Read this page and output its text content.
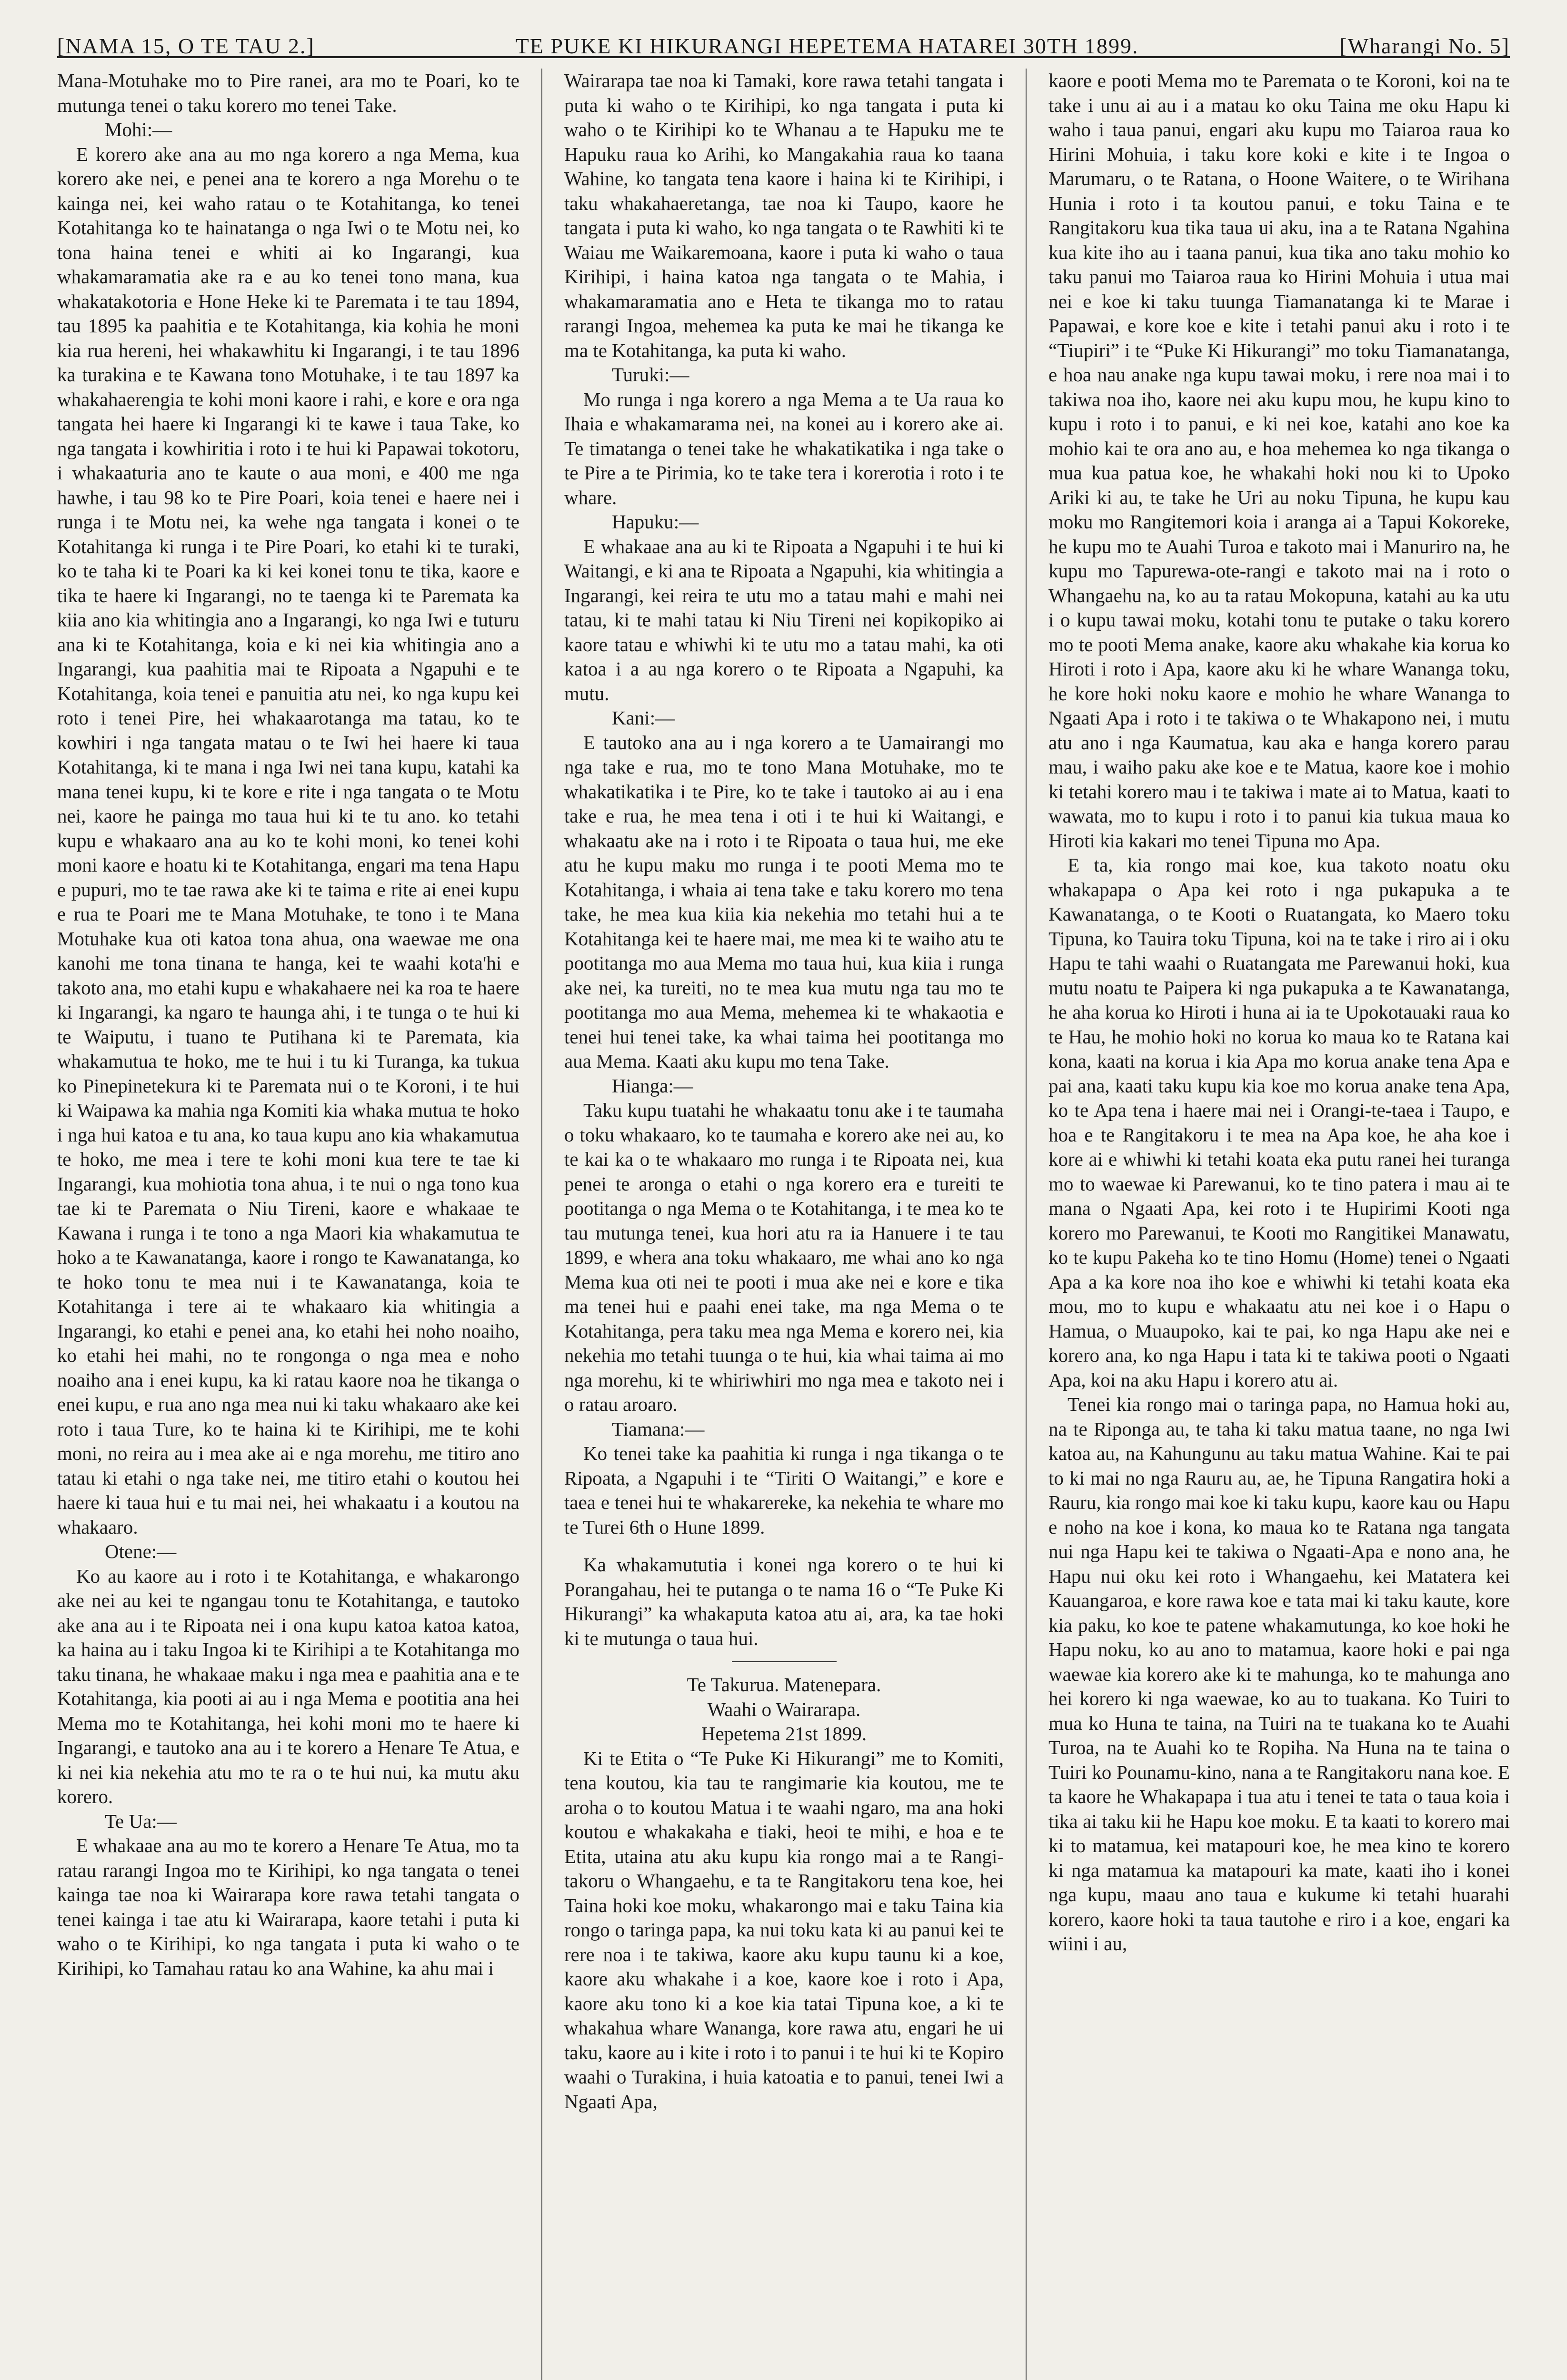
[NAMA 15, O TE TAU 2.]	TE PUKE KI HIKURANGI HEPETEMA HATAREI 30TH 1899.	[Wharangi No. 5]

Mana-Motuhake mo to Pire ranei, ara mo te Poari, ko te mutunga tenei o taku korero mo tenei Take.

Mohi:—

E korero ake ana au mo nga korero a nga Mema, kua korero ake nei, e penei ana te korero a nga Morehu o te kainga nei, kei waho ratau o te Kotahitanga, ko tenei Kotahitanga ko te hainatanga o nga Iwi o te Motu nei, ko tona haina tenei e whiti ai ko Ingarangi, kua whakamaramatia ake ra e au ko tenei tono mana, kua whakatakotoria e Hone Heke ki te Paremata i te tau 1894, tau 1895 ka paahitia e te Kotahitanga, kia kohia he moni kia rua hereni, hei whakawhitu ki Ingarangi, i te tau 1896 ka turakina e te Kawana tono Motuhake, i te tau 1897 ka whakahaerengia te kohi moni kaore i rahi, e kore e ora nga tangata hei haere ki Ingarangi ki te kawe i taua Take, ko nga tangata i kowhiritia i roto i te hui ki Papawai tokotoru, i whakaaturia ano te kaute o aua moni, e 400 me nga hawhe, i tau 98 ko te Pire Poari, koia tenei e haere nei i runga i te Motu nei, ka wehe nga tangata i konei o te Kotahitanga ki runga i te Pire Poari, ko etahi ki te turaki, ko te taha ki te Poari ka ki kei konei tonu te tika, kaore e tika te haere ki Ingarangi, no te taenga ki te Paremata ka kiia ano kia whitingia ano a Ingarangi, ko nga Iwi e tuturu ana ki te Kotahitanga, koia e ki nei kia whitingia ano a Ingarangi, kua paahitia mai te Ripoata a Ngapuhi e te Kotahitanga, koia tenei e panuitia atu nei, ko nga kupu kei roto i tenei Pire, hei whakaarotanga ma tatau, ko te kowhiri i nga tangata matau o te Iwi hei haere ki taua Kotahitanga, ki te mana i nga Iwi nei tana kupu, katahi ka mana tenei kupu, ki te kore e rite i nga tangata o te Motu nei, kaore he painga mo taua hui ki te tu ano. ko tetahi kupu e whakaaro ana au ko te kohi moni, ko tenei kohi moni kaore e hoatu ki te Kotahitanga, engari ma tena Hapu e pupuri, mo te tae rawa ake ki te taima e rite ai enei kupu e rua te Poari me te Mana Motuhake, te tono i te Mana Motuhake kua oti katoa tona ahua, ona waewae me ona kanohi me tona tinana te hanga, kei te waahi kota'hi e takoto ana, mo etahi kupu e whakahaere nei ka roa te haere ki Ingarangi, ka ngaro te haunga ahi, i te tunga o te hui ki te Waiputu, i tuano te Putihana ki te Paremata, kia whakamutua te hoko, me te hui i tu ki Turanga, ka tukua ko Pinepinetekura ki te Paremata nui o te Koroni, i te hui ki Waipawa ka mahia nga Komiti kia whaka mutua te hoko i nga hui katoa e tu ana, ko taua kupu ano kia whakamutua te hoko, me mea i tere te kohi moni kua tere te tae ki Ingarangi, kua mohiotia tona ahua, i te nui o nga tono kua tae ki te Paremata o Niu Tireni, kaore e whakaae te Kawana i runga i te tono a nga Maori kia whakamutua te hoko a te Kawanatanga, kaore i rongo te Kawanatanga, ko te hoko tonu te mea nui i te Kawanatanga, koia te Kotahitanga i tere ai te whakaaro kia whitingia a Ingarangi, ko etahi e penei ana, ko etahi hei noho noaiho, ko etahi hei mahi, no te rongonga o nga mea e noho noaiho ana i enei kupu, ka ki ratau kaore noa he tikanga o enei kupu, e rua ano nga mea nui ki taku whakaaro ake kei roto i taua Ture, ko te haina ki te Kirihipi, me te kohi moni, no reira au i mea ake ai e nga morehu, me titiro ano tatau ki etahi o nga take nei, me titiro etahi o koutou hei haere ki taua hui e tu mai nei, hei whakaatu i a koutou na whakaaro.

Otene:—

Ko au kaore au i roto i te Kotahitanga, e whakarongo ake nei au kei te ngangau tonu te Kotahitanga, e tautoko ake ana au i te Ripoata nei i ona kupu katoa katoa katoa, ka haina au i taku Ingoa ki te Kirihipi a te Kotahitanga mo taku tinana, he whakaae maku i nga mea e paahitia ana e te Kotahitanga, kia pooti ai au i nga Mema e pootitia ana hei Mema mo te Kotahitanga, hei kohi moni mo te haere ki Ingarangi, e tautoko ana au i te korero a Henare Te Atua, e ki nei kia nekehia atu mo te ra o te hui nui, ka mutu aku korero.

Te Ua:—

E whakaae ana au mo te korero a Henare Te Atua, mo ta ratau rarangi Ingoa mo te Kirihipi, ko nga tangata o tenei kainga tae noa ki Wairarapa kore rawa tetahi tangata o tenei kainga i tae atu ki Wairarapa, kaore tetahi i puta ki waho o te Kirihipi, ko nga tangata i puta ki waho o te Kirihipi, ko Tamahau ratau ko ana Wahine, ka ahu mai i

Wairarapa tae noa ki Tamaki, kore rawa tetahi tangata i puta ki waho o te Kirihipi, ko nga tangata i puta ki waho o te Kirihipi ko te Whanau a te Hapuku me te Hapuku raua ko Arihi, ko Mangakahia raua ko taana Wahine, ko tangata tena kaore i haina ki te Kirihipi, i taku whakahaeretanga, tae noa ki Taupo, kaore he tangata i puta ki waho, ko nga tangata o te Rawhiti ki te Waiau me Waikaremoana, kaore i puta ki waho o taua Kirihipi, i haina katoa nga tangata o te Mahia, i whakamaramatia ano e Heta te tikanga mo to ratau rarangi Ingoa, mehemea ka puta ke mai he tikanga ke ma te Kotahitanga, ka puta ki waho.

Turuki:—

Mo runga i nga korero a nga Mema a te Ua raua ko Ihaia e whakamarama nei, na konei au i korero ake ai. Te timatanga o tenei take he whakatikatika i nga take o te Pire a te Pirimia, ko te take tera i korerotia i roto i te whare.

Hapuku:—

E whakaae ana au ki te Ripoata a Ngapuhi i te hui ki Waitangi, e ki ana te Ripoata a Ngapuhi, kia whitingia a Ingarangi, kei reira te utu mo a tatau mahi e mahi nei tatau, ki te mahi tatau ki Niu Tireni nei kopikopiko ai kaore tatau e whiwhi ki te utu mo a tatau mahi, ka oti katoa i a au nga korero o te Ripoata a Ngapuhi, ka mutu.

Kani:—

E tautoko ana au i nga korero a te Uamairangi mo nga take e rua, mo te tono Mana Motuhake, mo te whakatikatika i te Pire, ko te take i tautoko ai au i ena take e rua, he mea tena i oti i te hui ki Waitangi, e whakaatu ake na i roto i te Ripoata o taua hui, me eke atu he kupu maku mo runga i te pooti Mema mo te Kotahitanga, i whaia ai tena take e taku korero mo tena take, he mea kua kiia kia nekehia mo tetahi hui a te Kotahitanga kei te haere mai, me mea ki te waiho atu te pootitanga mo aua Mema mo taua hui, kua kiia i runga ake nei, ka tureiti, no te mea kua mutu nga tau mo te pootitanga mo aua Mema, mehemea ki te whakaotia e tenei hui tenei take, ka whai taima hei pootitanga mo aua Mema. Kaati aku kupu mo tena Take.

Hianga:—

Taku kupu tuatahi he whakaatu tonu ake i te taumaha o toku whakaaro, ko te taumaha e korero ake nei au, ko te kai ka o te whakaaro mo runga i te Ripoata nei, kua penei te aronga o etahi o nga korero era e tureiti te pootitanga o nga Mema o te Kotahitanga, i te mea ko te tau mutunga tenei, kua hori atu ra ia Hanuere i te tau 1899, e whera ana toku whakaaro, me whai ano ko nga Mema kua oti nei te pooti i mua ake nei e kore e tika ma tenei hui e paahi enei take, ma nga Mema o te Kotahitanga, pera taku mea nga Mema e korero nei, kia nekehia mo tetahi tuunga o te hui, kia whai taima ai mo nga morehu, ki te whiriwhiri mo nga mea e takoto nei i o ratau aroaro.

Tiamana:—

Ko tenei take ka paahitia ki runga i nga tikanga o te Ripoata, a Ngapuhi i te “Tiriti O Waitangi,” e kore e taea e tenei hui te whakarereke, ka nekehia te whare mo te Turei 6th o Hune 1899.

Ka whakamututia i konei nga korero o te hui ki Porangahau, hei te putanga o te nama 16 o “Te Puke Ki Hikurangi” ka whakaputa katoa atu ai, ara, ka tae hoki ki te mutunga o taua hui.

Te Takurua. Matenepara.

Waahi o Wairarapa.

Hepetema 21st 1899.

Ki te Etita o “Te Puke Ki Hikurangi” me to Komiti, tena koutou, kia tau te rangimarie kia koutou, me te aroha o to koutou Matua i te waahi ngaro, ma ana hoki koutou e whakakaha e tiaki, heoi te mihi, e hoa e te Etita, utaina atu aku kupu kia rongo mai a te Rangi-takoru o Whangaehu, e ta te Rangitakoru tena koe, hei Taina hoki koe moku, whakarongo mai e taku Taina kia rongo o taringa papa, ka nui toku kata ki au panui kei te rere noa i te takiwa, kaore aku kupu taunu ki a koe, kaore aku whakahe i a koe, kaore koe i roto i Apa, kaore aku tono ki a koe kia tatai Tipuna koe, a ki te whakahua whare Wananga, kore rawa atu, engari he ui taku, kaore au i kite i roto i to panui i te hui ki te Kopiro waahi o Turakina, i huia katoatia e to panui, tenei Iwi a Ngaati Apa,

kaore e pooti Mema mo te Paremata o te Koroni, koi na te take i unu ai au i a matau ko oku Taina me oku Hapu ki waho i taua panui, engari aku kupu mo Taiaroa raua ko Hirini Mohuia, i taku kore koki e kite i te Ingoa o Marumaru, o te Ratana, o Hoone Waitere, o te Wirihana Hunia i roto i ta koutou panui, e toku Taina e te Rangitakoru kua tika taua ui aku, ina a te Ratana Ngahina kua kite iho au i taana panui, kua tika ano taku mohio ko taku panui mo Taiaroa raua ko Hirini Mohuia i utua mai nei e koe ki taku tuunga Tiamanatanga ki te Marae i Papawai, e kore koe e kite i tetahi panui aku i roto i te “Tiupiri” i te “Puke Ki Hikurangi” mo toku Tiamanatanga, e hoa nau anake nga kupu tawai moku, i rere noa mai i to takiwa noa iho, kaore nei aku kupu mou, he kupu kino to kupu i roto i to panui, e ki nei koe, katahi ano koe ka mohio kai te ora ano au, e hoa mehemea ko nga tikanga o mua kua patua koe, he whakahi hoki nou ki to Upoko Ariki ki au, te take he Uri au noku Tipuna, he kupu kau moku mo Rangitemori koia i aranga ai a Tapui Kokoreke, he kupu mo te Auahi Turoa e takoto mai i Manuriro na, he kupu mo Tapurewa-ote-rangi e takoto mai na i roto o Whangaehu na, ko au ta ratau Mokopuna, katahi au ka utu i o kupu tawai moku, kotahi tonu te putake o taku korero mo te pooti Mema anake, kaore aku whakahe kia korua ko Hiroti i roto i Apa, kaore aku ki he whare Wananga toku, he kore hoki noku kaore e mohio he whare Wananga to Ngaati Apa i roto i te takiwa o te Whakapono nei, i mutu atu ano i nga Kaumatua, kau aka e hanga korero parau mau, i waiho paku ake koe e te Matua, kaore koe i mohio ki tetahi korero mau i te takiwa i mate ai to Matua, kaati to wawata, mo to kupu i roto i to panui kia tukua maua ko Hiroti kia kakari mo tenei Tipuna mo Apa.

E ta, kia rongo mai koe, kua takoto noatu oku whakapapa o Apa kei roto i nga pukapuka a te Kawanatanga, o te Kooti o Ruatangata, ko Maero toku Tipuna, ko Tauira toku Tipuna, koi na te take i riro ai i oku Hapu te tahi waahi o Ruatangata me Parewanui hoki, kua mutu noatu te Paipera ki nga pukapuka a te Kawanatanga, he aha koruа ko Hiroti i huna ai ia te Upokotauaki raua ko te Hau, he mohio hoki no korua ko maua ko te Ratana kai kona, kaati na korua i kia Apa mo korua anake tena Apa e pai ana, kaati taku kupu kia koe mo korua anake tena Apa, ko te Apa tena i haere mai nei i Orangi-te-taea i Taupo, e hoa e te Rangitakoru i te mea na Apa koe, he aha koe i kore ai e whiwhi ki tetahi koata eka putu ranei hei turanga mo to waewae ki Parewanui, ko te tino patera i mau ai te mana o Ngaati Apa, kei roto i te Hupirimi Kooti nga korero mo Parewanui, te Kooti mo Rangitikei Manawatu, ko te kupu Pakeha ko te tino Homu (Home) tenei o Ngaati Apa a ka kore noa iho koe e whiwhi ki tetahi koata eka mou, mo to kupu e whakaatu atu nei koe i o Hapu o Hamua, o Muaupoko, kai te pai, ko nga Hapu ake nei e korero ana, ko nga Hapu i tata ki te takiwa pooti o Ngaati Apa, koi na aku Hapu i korero atu ai.

Tenei kia rongo mai o taringa papa, no Hamua hoki au, na te Riponga au, te taha ki taku matua taane, no nga Iwi katoa au, na Kahungunu au taku matua Wahine. Kai te pai to ki mai no nga Rauru au, ae, he Tipuna Rangatira hoki a Rauru, kia rongo mai koe ki taku kupu, kaore kau ou Hapu e noho na koe i kona, ko maua ko te Ratana nga tangata nui nga Hapu kei te takiwa o Ngaati-Apa e nono ana, he Hapu nui oku kei roto i Whangaehu, kei Matatera kei Kauangaroa, e kore rawa koe e tata mai ki taku kaute, kore kia paku, ko koe te patene whakamutunga, ko koe hoki he Hapu noku, ko au ano to matamua, kaore hoki e pai nga waewae kia korero ake ki te mahunga, ko te mahunga ano hei korero ki nga waewae, ko au to tuakana. Ko Tuiri to mua ko Huna te taina, na Tuiri na te tuakana ko te Auahi Turoa, na te Auahi ko te Ropiha. Na Huna na te taina o Tuiri ko Pounamu-kino, nana a te Rangitakoru nana koe. E ta kaore he Whakapapa i tua atu i tenei te tata o taua koia i tika ai taku kii he Hapu koe moku. E ta kaati to korero mai ki to matamua, kei matapouri koe, he mea kino te korero ki nga matamua ka matapouri ka mate, kaati iho i konei nga kupu, maau ano taua e kukume ki tetahi huarahi korero, kaore hoki ta taua tautohe e riro i a koe, engari ka wiini i au,
